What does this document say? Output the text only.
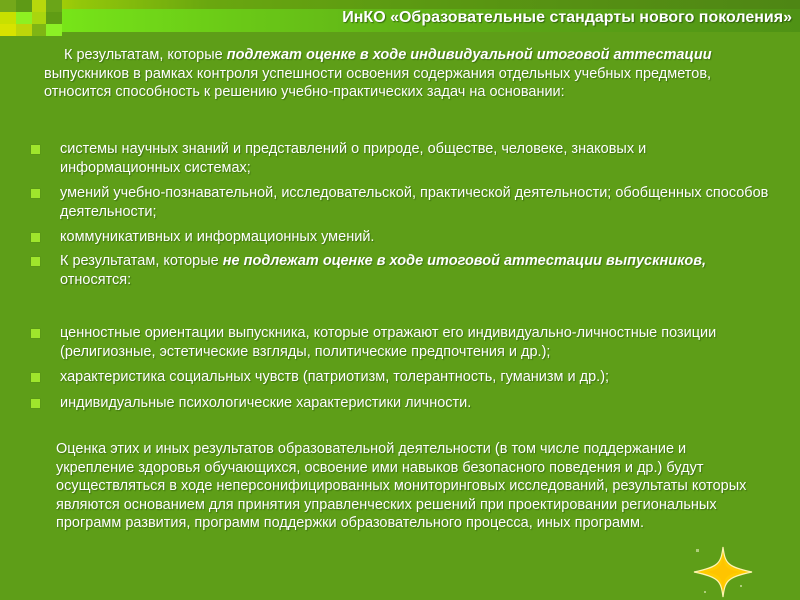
ИнКО «Образовательные стандарты нового поколения»
К результатам, которые подлежат оценке в ходе индивидуальной итоговой аттестации выпускников в рамках контроля успешности освоения содержания отдельных учебных предметов, относится способность к решению учебно-практических задач на основании:
системы научных знаний и представлений о природе, обществе, человеке, знаковых и информационных системах;
умений учебно-познавательной, исследовательской, практической деятельности; обобщенных способов деятельности;
коммуникативных и информационных умений.
К результатам, которые не подлежат оценке в ходе итоговой аттестации выпускников, относятся:
ценностные ориентации выпускника, которые отражают его индивидуально-личностные позиции (религиозные, эстетические взгляды, политические предпочтения и др.);
характеристика социальных чувств (патриотизм, толерантность, гуманизм и др.);
индивидуальные психологические характеристики личности.
Оценка этих и иных результатов образовательной деятельности (в том числе поддержание и укрепление здоровья обучающихся, освоение ими навыков безопасного поведения и др.) будут осуществляться в ходе неперсонифицированных мониторинговых исследований, результаты которых являются основанием для принятия управленческих решений при проектировании региональных программ развития, программ поддержки образовательного процесса, иных программ.
